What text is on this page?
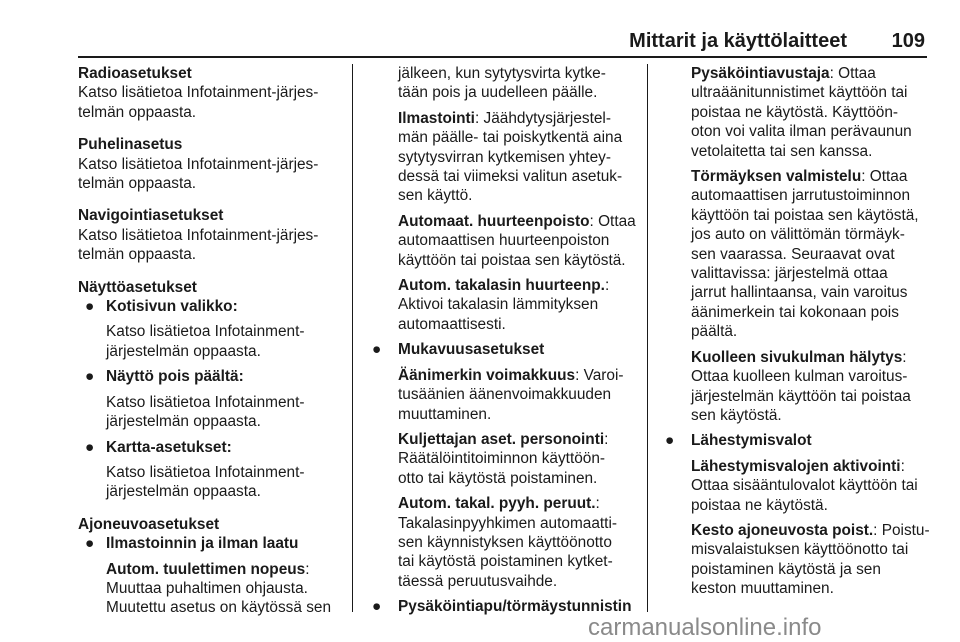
Mittarit ja käyttölaitteet 109
Radioasetukset
Katso lisätietoa Infotainment-järjes-
telmän oppaasta.
Puhelinasetus
Katso lisätietoa Infotainment-järjes-
telmän oppaasta.
Navigointiasetukset
Katso lisätietoa Infotainment-järjes-
telmän oppaasta.
Näyttöasetukset
● Kotisivun valikko:
Katso lisätietoa Infotainment-
järjestelmän oppaasta.
● Näyttö pois päältä:
Katso lisätietoa Infotainment-
järjestelmän oppaasta.
● Kartta-asetukset:
Katso lisätietoa Infotainment-
järjestelmän oppaasta.
Ajoneuvoasetukset
● Ilmastoinnin ja ilman laatu
Autom. tuulettimen nopeus:
Muuttaa puhaltimen ohjausta.
Muutettu asetus on käytössä sen
jälkeen, kun sytytysvirta kytke-
tään pois ja uudelleen päälle.
Ilmastointi: Jäähdytysjärjestel-
män päälle- tai poiskytkentä aina
sytytysvirran kytkemisen yhtey-
dessä tai viimeksi valitun asetuk-
sen käyttö.
Automaat. huurteenpoisto: Ottaa
automaattisen huurteenpoiston
käyttöön tai poistaa sen käytöstä.
Autom. takalasin huurteenp.:
Aktivoi takalasin lämmityksen
automaattisesti.
● Mukavuusasetukset
Äänimerkin voimakkuus: Varoi-
tusäänien äänenvoimakkuuden
muuttaminen.
Kuljettajan aset. personointi:
Räätälöintitoiminnon käyttöön-
otto tai käytöstä poistaminen.
Autom. takal. pyyh. peruut.:
Takalasinpyyhkimen automaatti-
sen käynnistyksen käyttöönotto
tai käytöstä poistaminen kytket-
täessä peruutusvaihde.
● Pysäköintiapu/törmäystunnistin
Pysäköintiavustaja: Ottaa
ultraäänitunnistimet käyttöön tai
poistaa ne käytöstä. Käyttöön-
oton voi valita ilman perävaunun
vetolaitetta tai sen kanssa.
Törmäyksen valmistelu: Ottaa
automaattisen jarrutustoiminnon
käyttöön tai poistaa sen käytöstä,
jos auto on välittömän törmäyk-
sen vaarassa. Seuraavat ovat
valittavissa: järjestelmä ottaa
jarrut hallintaansa, vain varoitus
äänimerkein tai kokonaan pois
päältä.
Kuolleen sivukulman hälytys:
Ottaa kuolleen kulman varoitus-
järjestelmän käyttöön tai poistaa
sen käytöstä.
● Lähestymisvalot
Lähestymisvalojen aktivointi:
Ottaa sisääntulovalot käyttöön tai
poistaa ne käytöstä.
Kesto ajoneuvosta poist.: Poistu-
misvalaistuksen käyttöönotto tai
poistaminen käytöstä ja sen
keston muuttaminen.
carmanualsonline.info
